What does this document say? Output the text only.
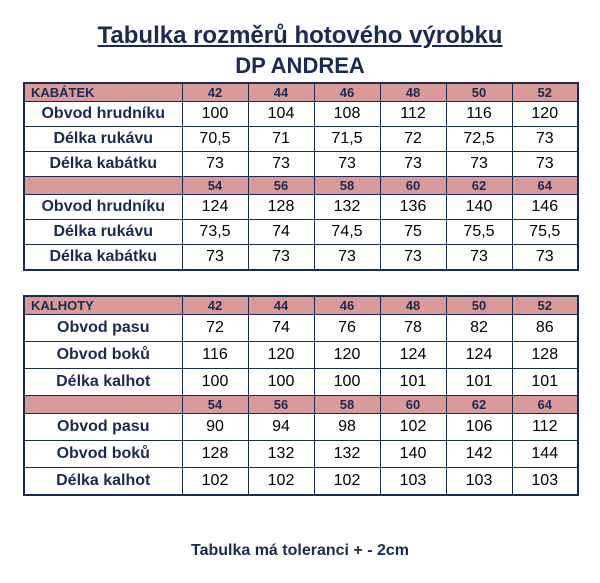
Tabulka rozměrů hotového výrobku
DP ANDREA
KABÁTEK	42	44	46	48	50	52
Obvod hrudníku	100	104	108	112	116	120
Délka rukávu	70,5	71	71,5	72	72,5	73
Délka kabátku	73	73	73	73	73	73
	54	56	58	60	62	64
Obvod hrudníku	124	128	132	136	140	146
Délka rukávu	73,5	74	74,5	75	75,5	75,5
Délka kabátku	73	73	73	73	73	73
KALHOTY	42	44	46	48	50	52
Obvod pasu	72	74	76	78	82	86
Obvod boků	116	120	120	124	124	128
Délka kalhot	100	100	100	101	101	101
	54	56	58	60	62	64
Obvod pasu	90	94	98	102	106	112
Obvod boků	128	132	132	140	142	144
Délka kalhot	102	102	102	103	103	103
Tabulka má toleranci + - 2cm
